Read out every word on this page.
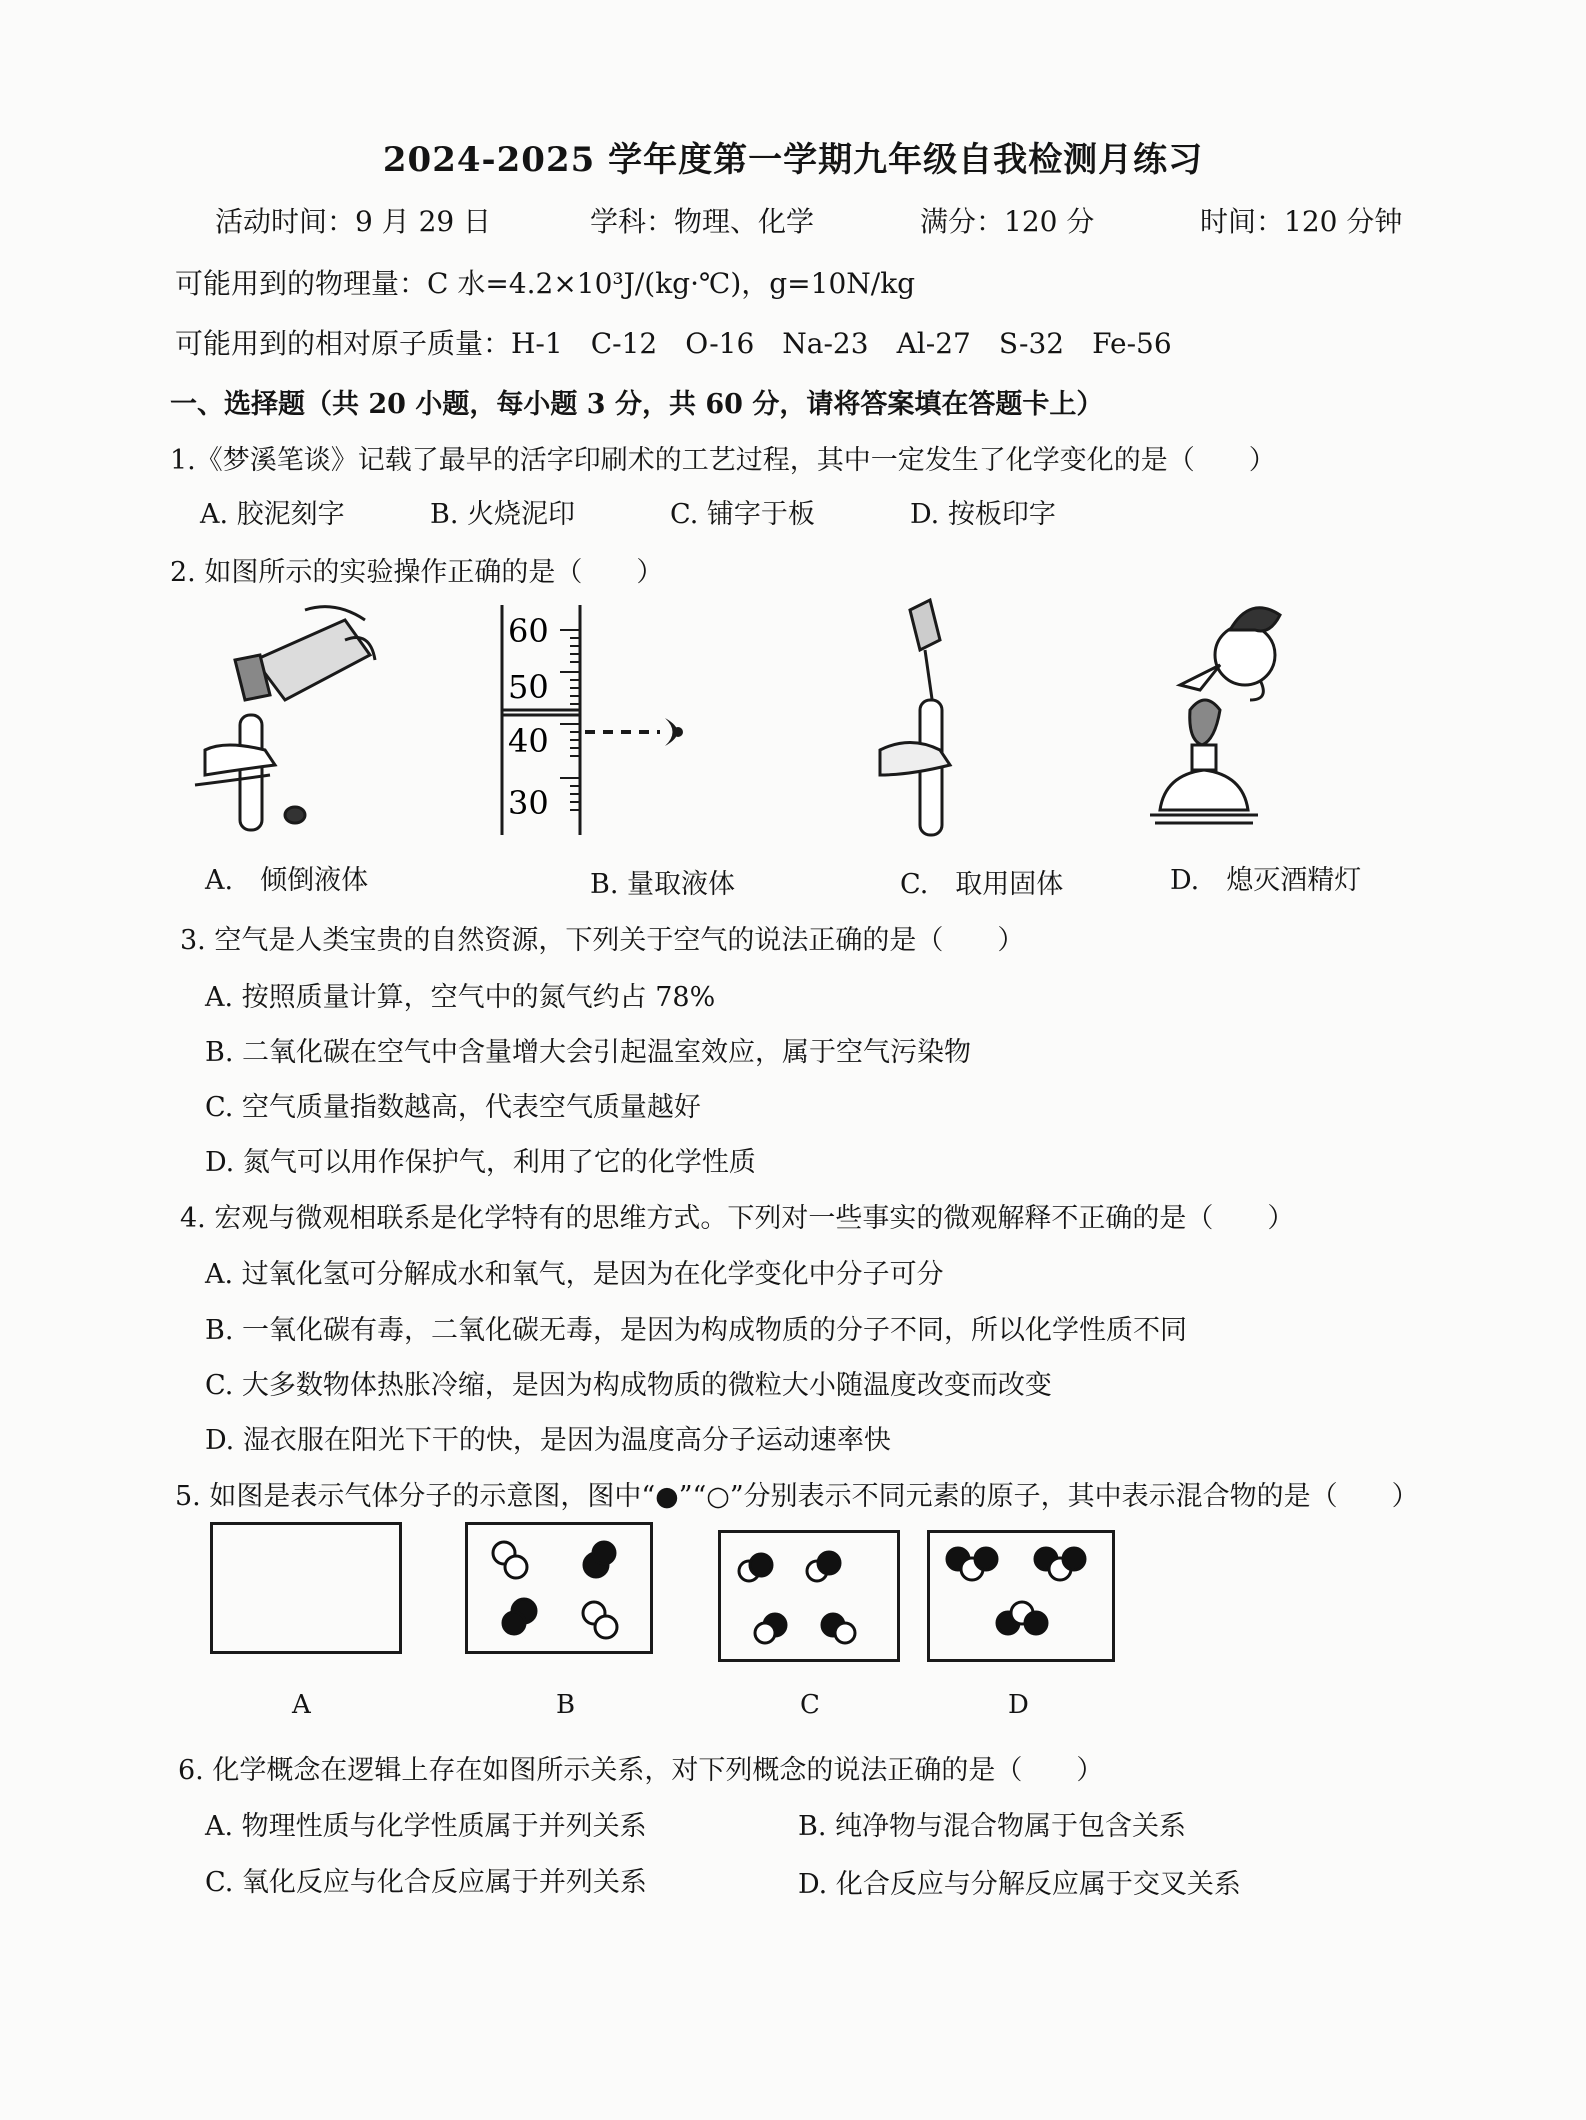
2024-2025 学年度第一学期九年级自我检测月练习
活动时间：9 月 29 日	学科：物理、化学	满分：120 分	时间：120 分钟
可能用到的物理量：C 水=4.2×10³J/(kg·℃)，g=10N/kg
可能用到的相对原子质量：H-1　C-12　O-16　Na-23　Al-27　S-32　Fe-56
一、选择题（共 20 小题，每小题 3 分，共 60 分，请将答案填在答题卡上）
1.《梦溪笔谈》记载了最早的活字印刷术的工艺过程，其中一定发生了化学变化的是（　　）
A. 胶泥刻字	B. 火烧泥印	C. 铺字于板	D. 按板印字
2. 如图所示的实验操作正确的是（　　）
60
50
40
30
A.　倾倒液体	B. 量取液体	C.　取用固体	D.　熄灭酒精灯
3. 空气是人类宝贵的自然资源，下列关于空气的说法正确的是（　　）
A. 按照质量计算，空气中的氮气约占 78%
B. 二氧化碳在空气中含量增大会引起温室效应，属于空气污染物
C. 空气质量指数越高，代表空气质量越好
D. 氮气可以用作保护气，利用了它的化学性质
4. 宏观与微观相联系是化学特有的思维方式。下列对一些事实的微观解释不正确的是（　　）
A. 过氧化氢可分解成水和氧气，是因为在化学变化中分子可分
B. 一氧化碳有毒，二氧化碳无毒，是因为构成物质的分子不同，所以化学性质不同
C. 大多数物体热胀冷缩，是因为构成物质的微粒大小随温度改变而改变
D. 湿衣服在阳光下干的快，是因为温度高分子运动速率快
5. 如图是表示气体分子的示意图，图中“●”“○”分别表示不同元素的原子，其中表示混合物的是（　　）
A	B	C	D
6. 化学概念在逻辑上存在如图所示关系，对下列概念的说法正确的是（　　）
A. 物理性质与化学性质属于并列关系	B. 纯净物与混合物属于包含关系
C. 氧化反应与化合反应属于并列关系	D. 化合反应与分解反应属于交叉关系
